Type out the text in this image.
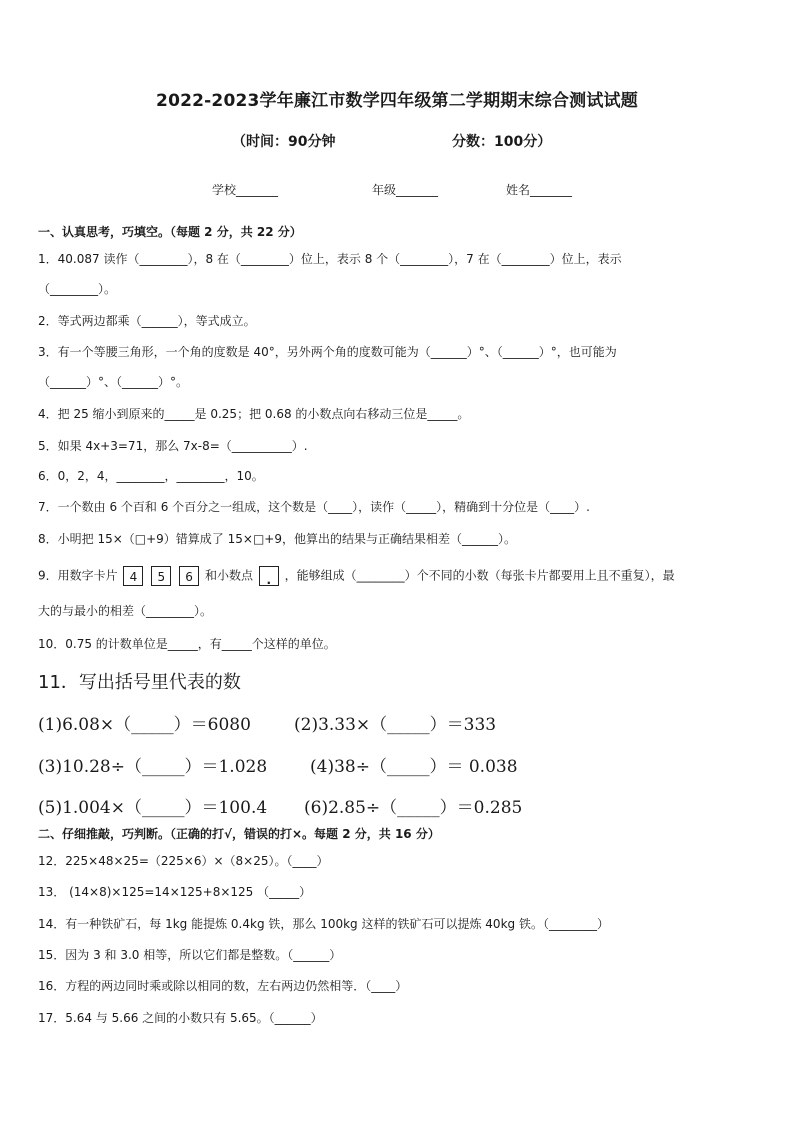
2022-2023学年廉江市数学四年级第二学期期末综合测试试题
（时间：90分钟	分数：100分）
学校_______	年级_______	姓名_______
一、认真思考，巧填空。（每题 2 分，共 22 分）
1．40.087 读作（________），8 在（________）位上，表示 8 个（________），7 在（________）位上，表示
（________）。
2．等式两边都乘（______），等式成立。
3．有一个等腰三角形，一个角的度数是 40°，另外两个角的度数可能为（______）°、（______）°，也可能为
（______）°、（______）°。
4．把 25 缩小到原来的_____是 0.25；把 0.68 的小数点向右移动三位是_____。
5．如果 4x+3=71，那么 7x-8=（__________）.
6．0，2，4，________，________，10。
7．一个数由 6 个百和 6 个百分之一组成，这个数是（____），读作（_____），精确到十分位是（____）.
8．小明把 15×（□+9）错算成了 15×□+9，他算出的结果与正确结果相差（______）。
9．用数字卡片 4 5 6 和小数点 . ，能够组成（________）个不同的小数（每张卡片都要用上且不重复），最
大的与最小的相差（________）。
10．0.75 的计数单位是_____，有_____个这样的单位。
11．写出括号里代表的数
(1)6.08×（_____）＝6080	(2)3.33×（_____）＝333
(3)10.28÷（_____）＝1.028	(4)38÷（_____）＝ 0.038
(5)1.004×（_____）＝100.4 (6)2.85÷（_____）＝0.285
二、仔细推敲，巧判断。（正确的打√，错误的打×。每题 2 分，共 16 分）
12．225×48×25=（225×6）×（8×25）。（____）
13． (14×8)×125=14×125+8×125 （_____）
14．有一种铁矿石，每 1kg 能提炼 0.4kg 铁，那么 100kg 这样的铁矿石可以提炼 40kg 铁。（________）
15．因为 3 和 3.0 相等，所以它们都是整数。（______）
16．方程的两边同时乘或除以相同的数，左右两边仍然相等．（____）
17．5.64 与 5.66 之间的小数只有 5.65。（______）
